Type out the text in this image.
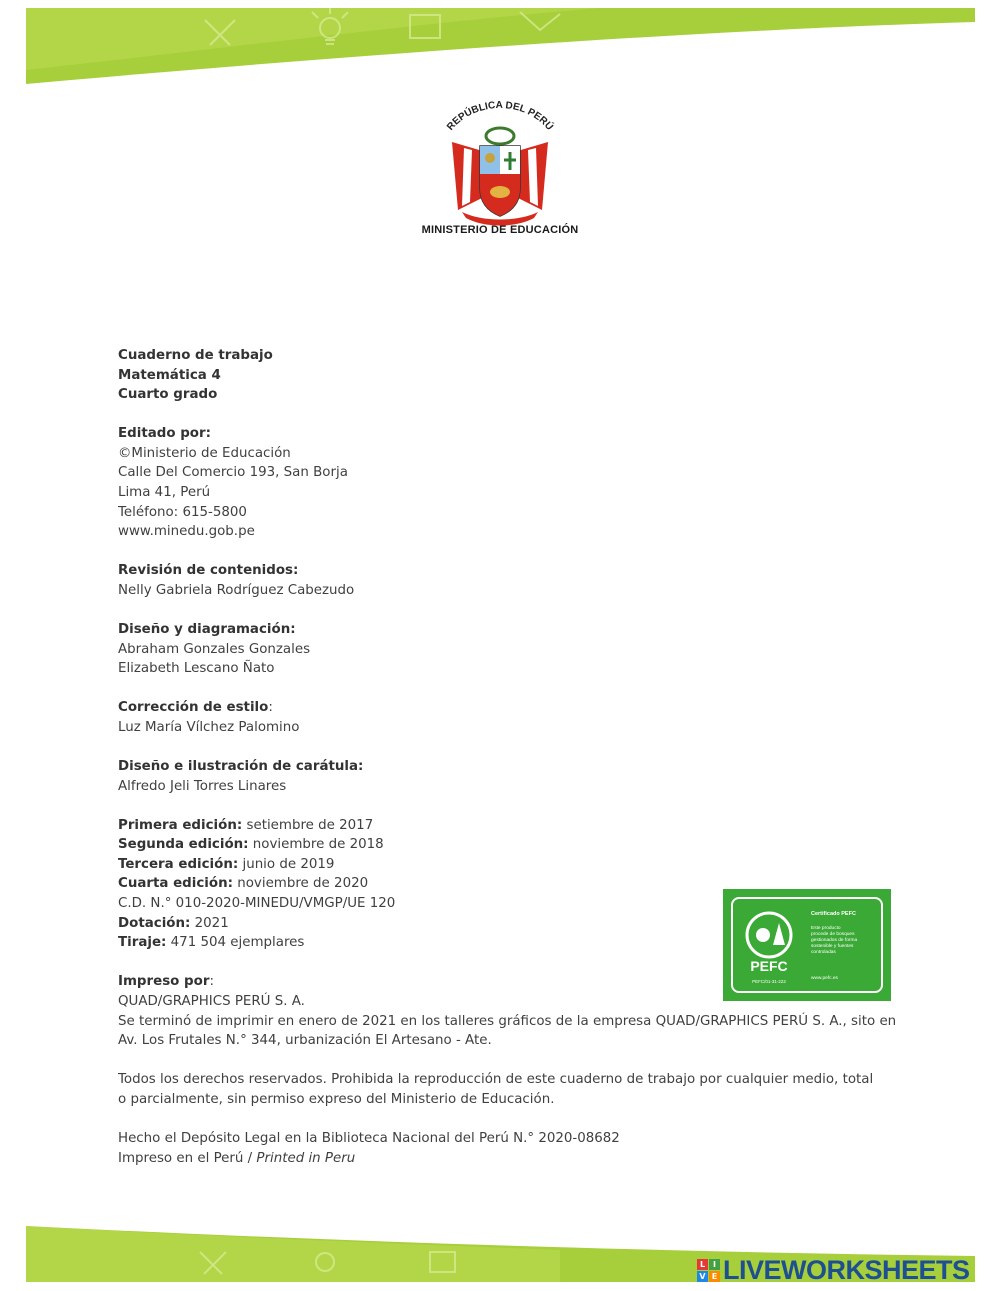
REPÚBLICA DEL PERÚ
MINISTERIO DE EDUCACIÓN
Cuaderno de trabajo
Matemática 4
Cuarto grado
Editado por:
©Ministerio de Educación
Calle Del Comercio 193, San Borja
Lima 41, Perú
Teléfono: 615-5800
www.minedu.gob.pe
Revisión de contenidos:
Nelly Gabriela Rodríguez Cabezudo
Diseño y diagramación:
Abraham Gonzales Gonzales
Elizabeth Lescano Ñato
Corrección de estilo:
Luz María Vílchez Palomino
Diseño e ilustración de carátula:
Alfredo Jeli Torres Linares
Primera edición: setiembre de 2017
Segunda edición: noviembre de 2018
Tercera edición: junio de 2019
Cuarta edición: noviembre de 2020
C.D. N.° 010-2020-MINEDU/VMGP/UE 120
Dotación: 2021
Tiraje: 471 504 ejemplares
Impreso por:
QUAD/GRAPHICS PERÚ S. A.
Se terminó de imprimir en enero de 2021 en los talleres gráficos de la empresa QUAD/GRAPHICS PERÚ S. A., sito en
Av. Los Frutales N.° 344, urbanización El Artesano - Ate.
Todos los derechos reservados. Prohibida la reproducción de este cuaderno de trabajo por cualquier medio, total
o parcialmente, sin permiso expreso del Ministerio de Educación.
Hecho el Depósito Legal en la Biblioteca Nacional del Perú N.° 2020-08682
Impreso en el Perú / Printed in Peru
PEFC
PEFC/01-31-222
Certificado PEFC
Este producto
procede de bosques
gestionados de forma
sostenible y fuentes
controladas
www.pefc.es
L I
V E LIVEWORKSHEETS
